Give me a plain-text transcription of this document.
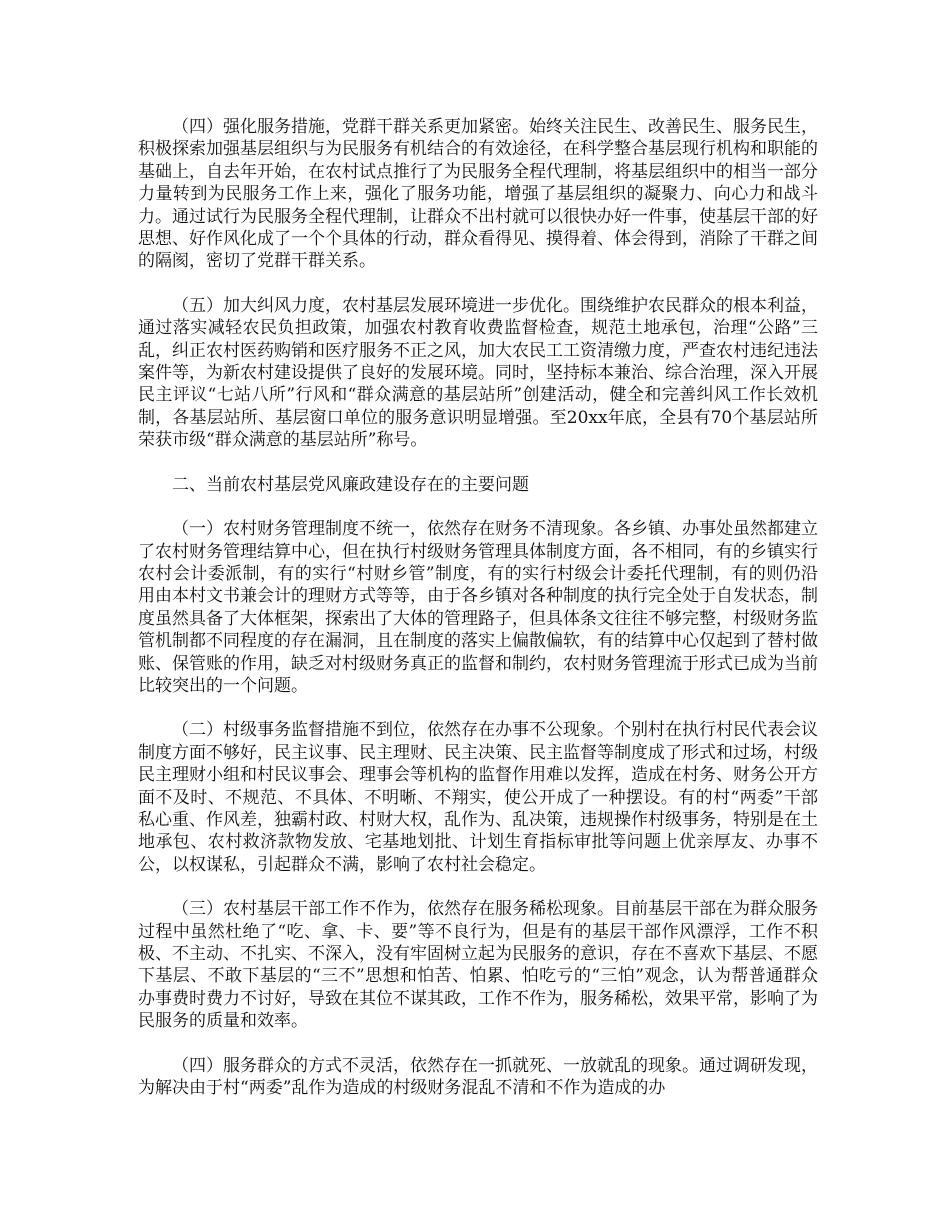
（四）强化服务措施，党群干群关系更加紧密。始终关注民生、改善民生、服务民生，积极探索加强基层组织与为民服务有机结合的有效途径，在科学整合基层现行机构和职能的基础上，自去年开始，在农村试点推行了为民服务全程代理制，将基层组织中的相当一部分力量转到为民服务工作上来，强化了服务功能，增强了基层组织的凝聚力、向心力和战斗力。通过试行为民服务全程代理制，让群众不出村就可以很快办好一件事，使基层干部的好思想、好作风化成了一个个具体的行动，群众看得见、摸得着、体会得到，消除了干群之间的隔阂，密切了党群干群关系。

（五）加大纠风力度，农村基层发展环境进一步优化。围绕维护农民群众的根本利益，通过落实减轻农民负担政策，加强农村教育收费监督检查，规范土地承包，治理“公路”三乱，纠正农村医药购销和医疗服务不正之风，加大农民工工资清缴力度，严查农村违纪违法案件等，为新农村建设提供了良好的发展环境。同时，坚持标本兼治、综合治理，深入开展民主评议“七站八所”行风和“群众满意的基层站所”创建活动，健全和完善纠风工作长效机制，各基层站所、基层窗口单位的服务意识明显增强。至20xx年底，全县有70个基层站所荣获市级“群众满意的基层站所”称号。

二、当前农村基层党风廉政建设存在的主要问题

（一）农村财务管理制度不统一，依然存在财务不清现象。各乡镇、办事处虽然都建立了农村财务管理结算中心，但在执行村级财务管理具体制度方面，各不相同，有的乡镇实行农村会计委派制，有的实行“村财乡管”制度，有的实行村级会计委托代理制，有的则仍沿用由本村文书兼会计的理财方式等等，由于各乡镇对各种制度的执行完全处于自发状态，制度虽然具备了大体框架，探索出了大体的管理路子，但具体条文往往不够完整，村级财务监管机制都不同程度的存在漏洞，且在制度的落实上偏散偏软，有的结算中心仅起到了替村做账、保管账的作用，缺乏对村级财务真正的监督和制约，农村财务管理流于形式已成为当前比较突出的一个问题。

（二）村级事务监督措施不到位，依然存在办事不公现象。个别村在执行村民代表会议制度方面不够好，民主议事、民主理财、民主决策、民主监督等制度成了形式和过场，村级民主理财小组和村民议事会、理事会等机构的监督作用难以发挥，造成在村务、财务公开方面不及时、不规范、不具体、不明晰、不翔实，使公开成了一种摆设。有的村“两委”干部私心重、作风差，独霸村政、村财大权，乱作为、乱决策，违规操作村级事务，特别是在土地承包、农村救济款物发放、宅基地划批、计划生育指标审批等问题上优亲厚友、办事不公，以权谋私，引起群众不满，影响了农村社会稳定。

（三）农村基层干部工作不作为，依然存在服务稀松现象。目前基层干部在为群众服务过程中虽然杜绝了“吃、拿、卡、要”等不良行为，但是有的基层干部作风漂浮，工作不积极、不主动、不扎实、不深入，没有牢固树立起为民服务的意识，存在不喜欢下基层、不愿下基层、不敢下基层的“三不”思想和怕苦、怕累、怕吃亏的“三怕”观念，认为帮普通群众办事费时费力不讨好，导致在其位不谋其政，工作不作为，服务稀松，效果平常，影响了为民服务的质量和效率。

（四）服务群众的方式不灵活，依然存在一抓就死、一放就乱的现象。通过调研发现，为解决由于村“两委”乱作为造成的村级财务混乱不清和不作为造成的办
